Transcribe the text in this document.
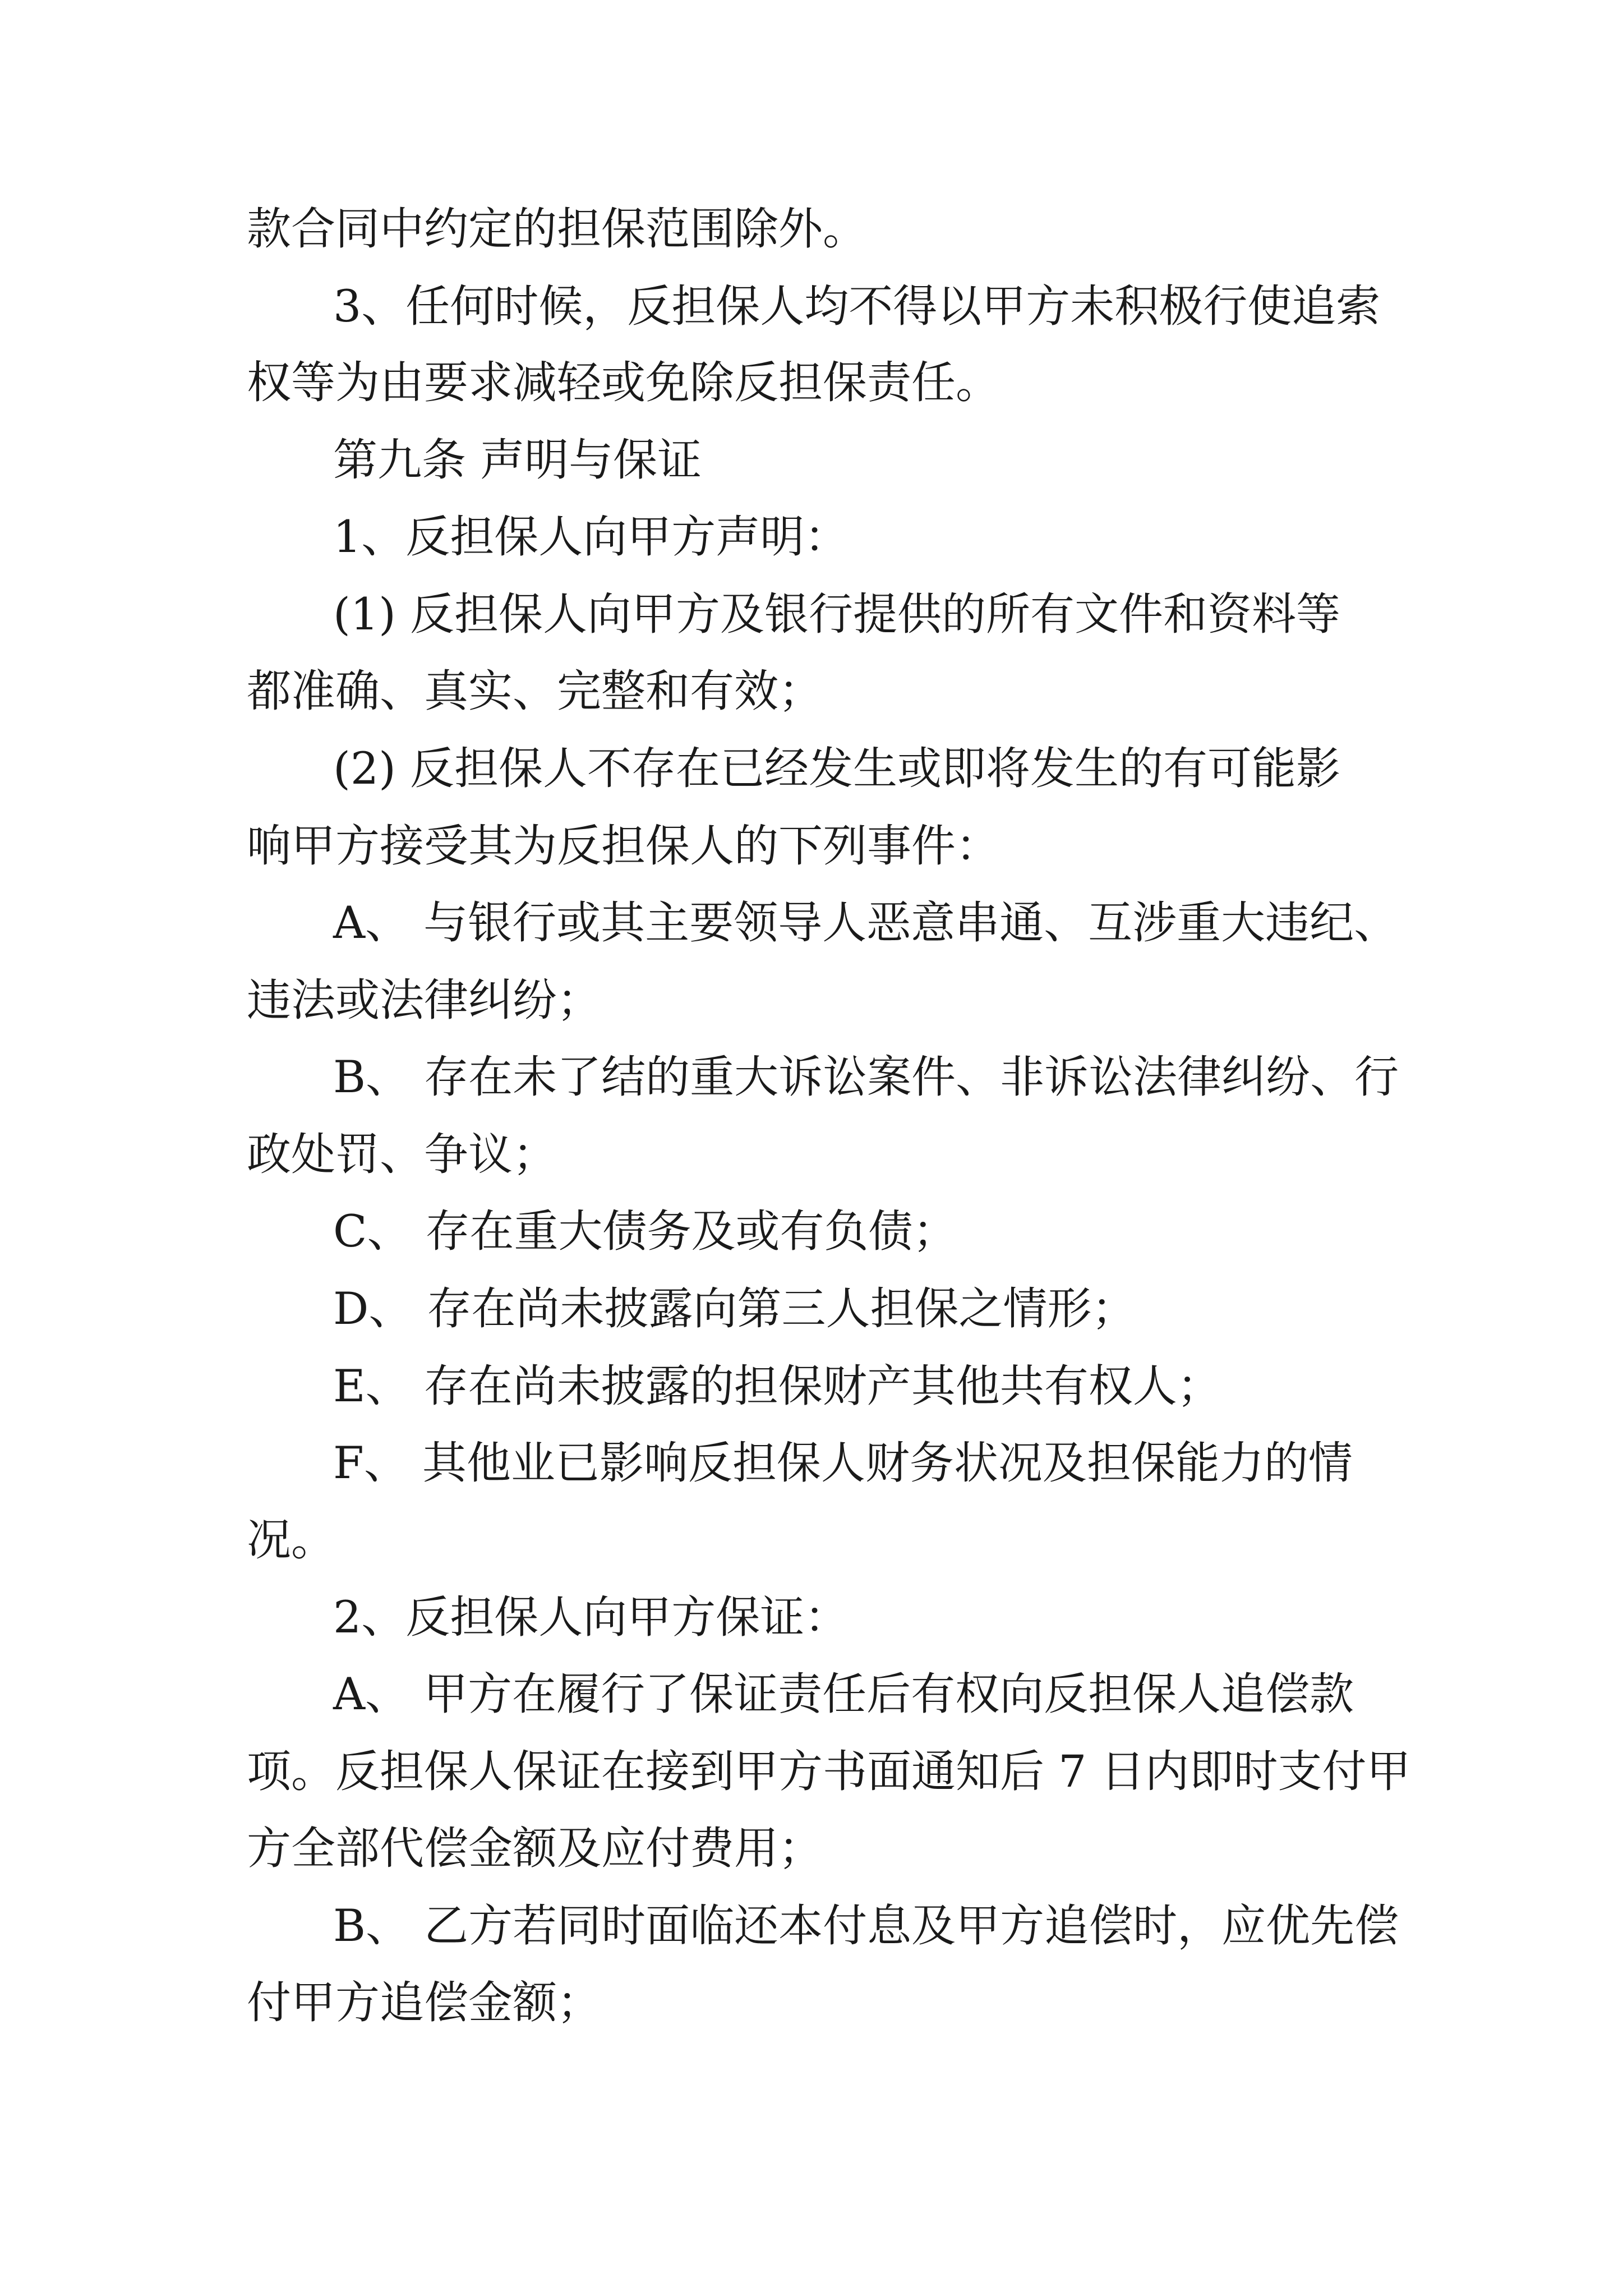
款合同中约定的担保范围除外。

3、任何时候，反担保人均不得以甲方未积极行使追索

权等为由要求减轻或免除反担保责任。

第九条 声明与保证

1、反担保人向甲方声明：

(1) 反担保人向甲方及银行提供的所有文件和资料等

都准确、真实、完整和有效；

(2) 反担保人不存在已经发生或即将发生的有可能影

响甲方接受其为反担保人的下列事件：

A、 与银行或其主要领导人恶意串通、互涉重大违纪、

违法或法律纠纷；

B、 存在未了结的重大诉讼案件、非诉讼法律纠纷、行

政处罚、争议；

C、 存在重大债务及或有负债；

D、 存在尚未披露向第三人担保之情形；

E、 存在尚未披露的担保财产其他共有权人；

F、 其他业已影响反担保人财务状况及担保能力的情

况。

2、反担保人向甲方保证：

A、 甲方在履行了保证责任后有权向反担保人追偿款

项。反担保人保证在接到甲方书面通知后 7 日内即时支付甲

方全部代偿金额及应付费用；

B、 乙方若同时面临还本付息及甲方追偿时，应优先偿

付甲方追偿金额；
